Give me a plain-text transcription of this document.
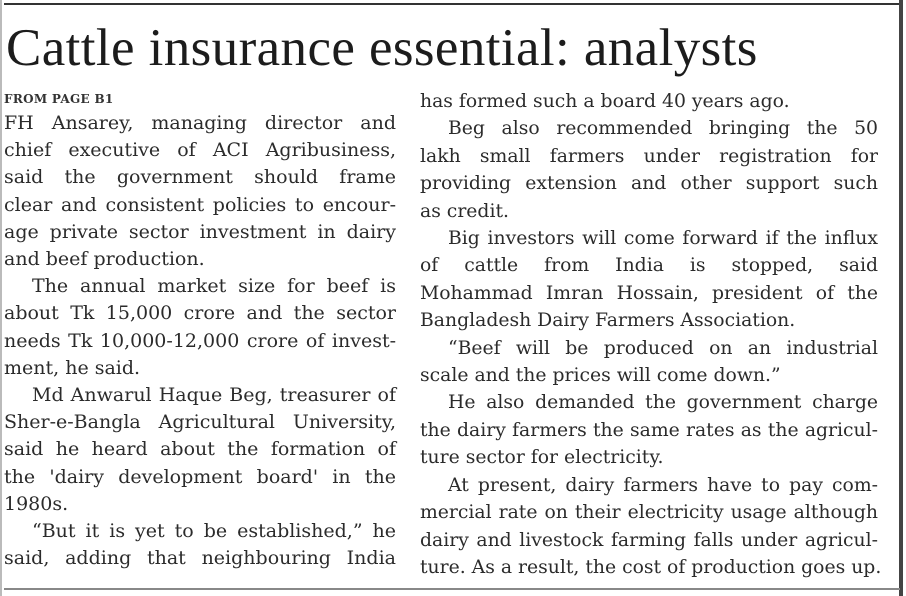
Cattle insurance essential: analysts
FROM PAGE B1
FH Ansarey, managing director and
chief executive of ACI Agribusiness,
said the government should frame
clear and consistent policies to encour-
age private sector investment in dairy
and beef production.
The annual market size for beef is
about Tk 15,000 crore and the sector
needs Tk 10,000-12,000 crore of invest-
ment, he said.
Md Anwarul Haque Beg, treasurer of
Sher-e-Bangla Agricultural University,
said he heard about the formation of
the 'dairy development board' in the
1980s.
“But it is yet to be established,” he
said, adding that neighbouring India
has formed such a board 40 years ago.
Beg also recommended bringing the 50
lakh small farmers under registration for
providing extension and other support such
as credit.
Big investors will come forward if the influx
of cattle from India is stopped, said
Mohammad Imran Hossain, president of the
Bangladesh Dairy Farmers Association.
“Beef will be produced on an industrial
scale and the prices will come down.”
He also demanded the government charge
the dairy farmers the same rates as the agricul-
ture sector for electricity.
At present, dairy farmers have to pay com-
mercial rate on their electricity usage although
dairy and livestock farming falls under agricul-
ture. As a result, the cost of production goes up.
